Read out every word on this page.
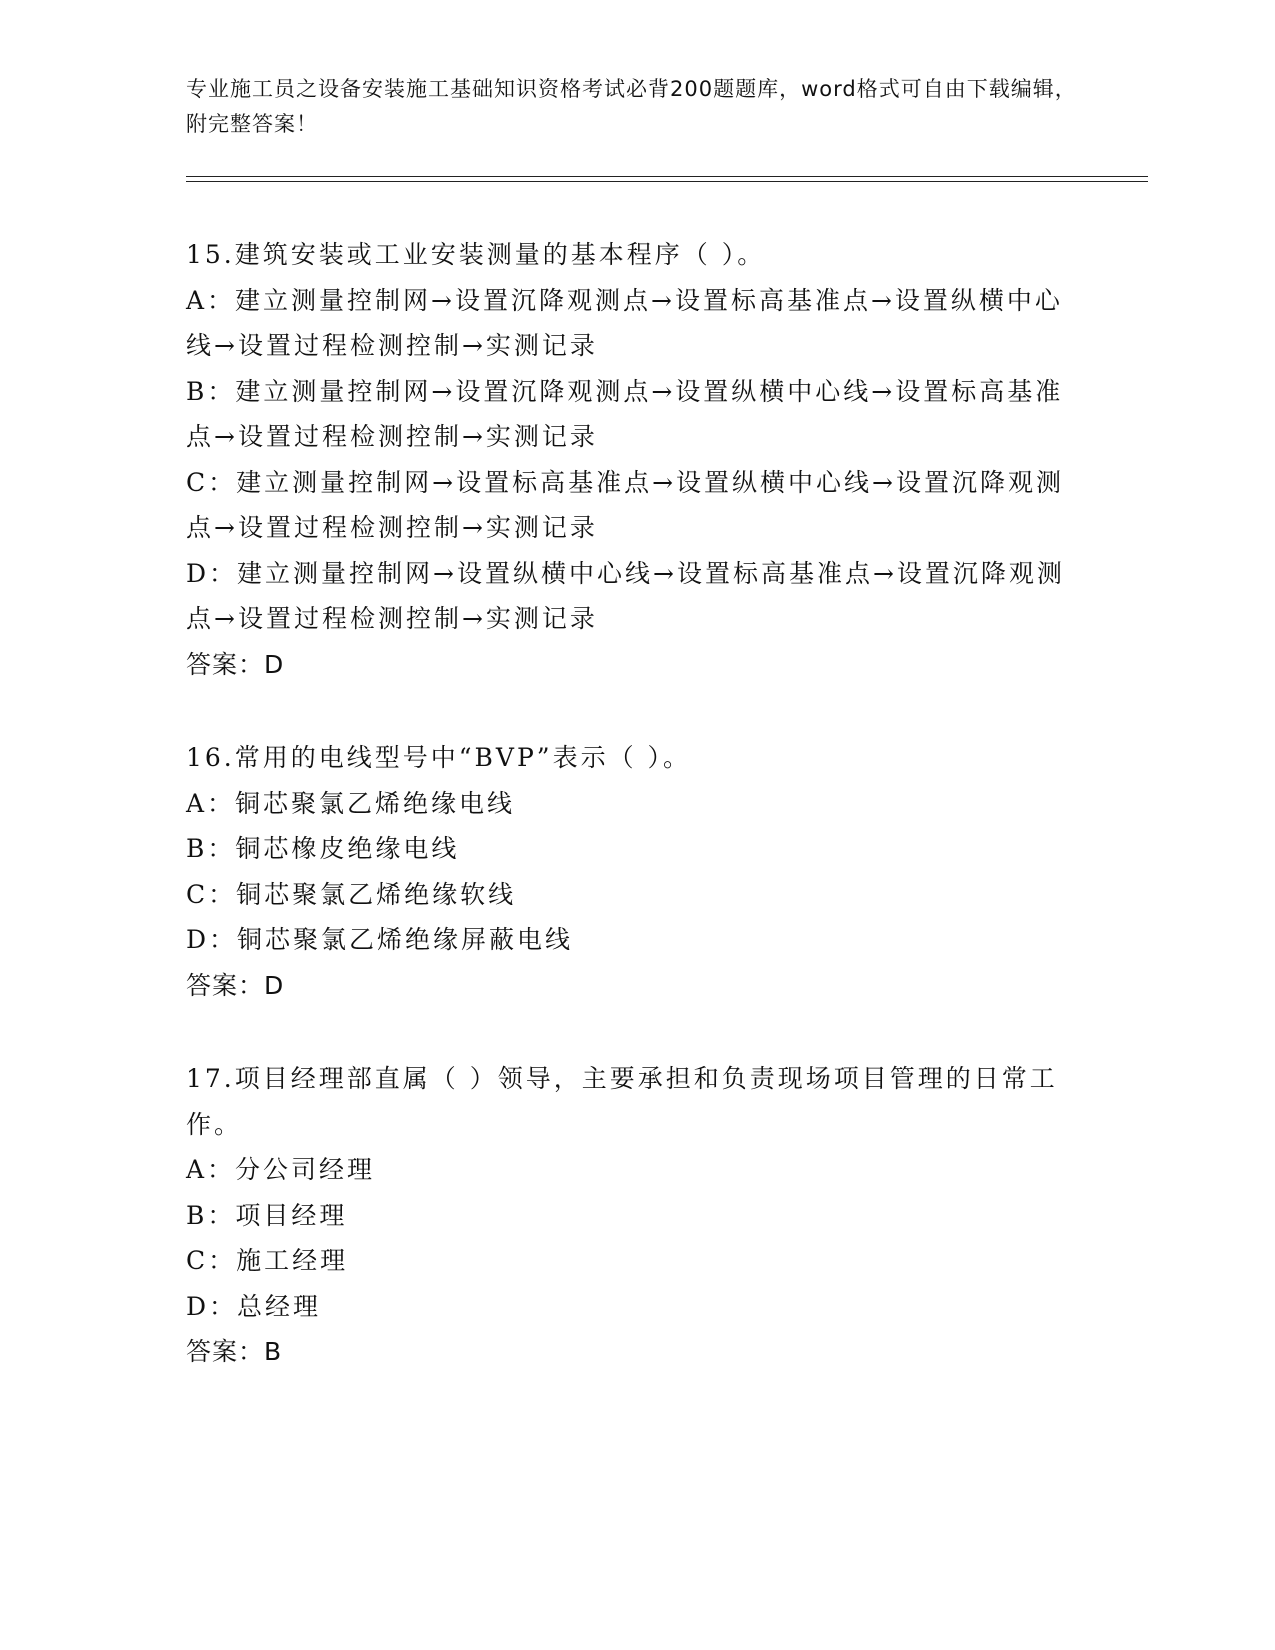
专业施工员之设备安装施工基础知识资格考试必背200题题库，word格式可自由下载编辑，附完整答案！
15.建筑安装或工业安装测量的基本程序（ ）。
A：建立测量控制网→设置沉降观测点→设置标高基准点→设置纵横中心线→设置过程检测控制→实测记录
B：建立测量控制网→设置沉降观测点→设置纵横中心线→设置标高基准点→设置过程检测控制→实测记录
C：建立测量控制网→设置标高基准点→设置纵横中心线→设置沉降观测点→设置过程检测控制→实测记录
D：建立测量控制网→设置纵横中心线→设置标高基准点→设置沉降观测点→设置过程检测控制→实测记录
答案：D
16.常用的电线型号中“BVP”表示（ ）。
A：铜芯聚氯乙烯绝缘电线
B：铜芯橡皮绝缘电线
C：铜芯聚氯乙烯绝缘软线
D：铜芯聚氯乙烯绝缘屏蔽电线
答案：D
17.项目经理部直属（ ）领导，主要承担和负责现场项目管理的日常工作。
A：分公司经理
B：项目经理
C：施工经理
D：总经理
答案：B
